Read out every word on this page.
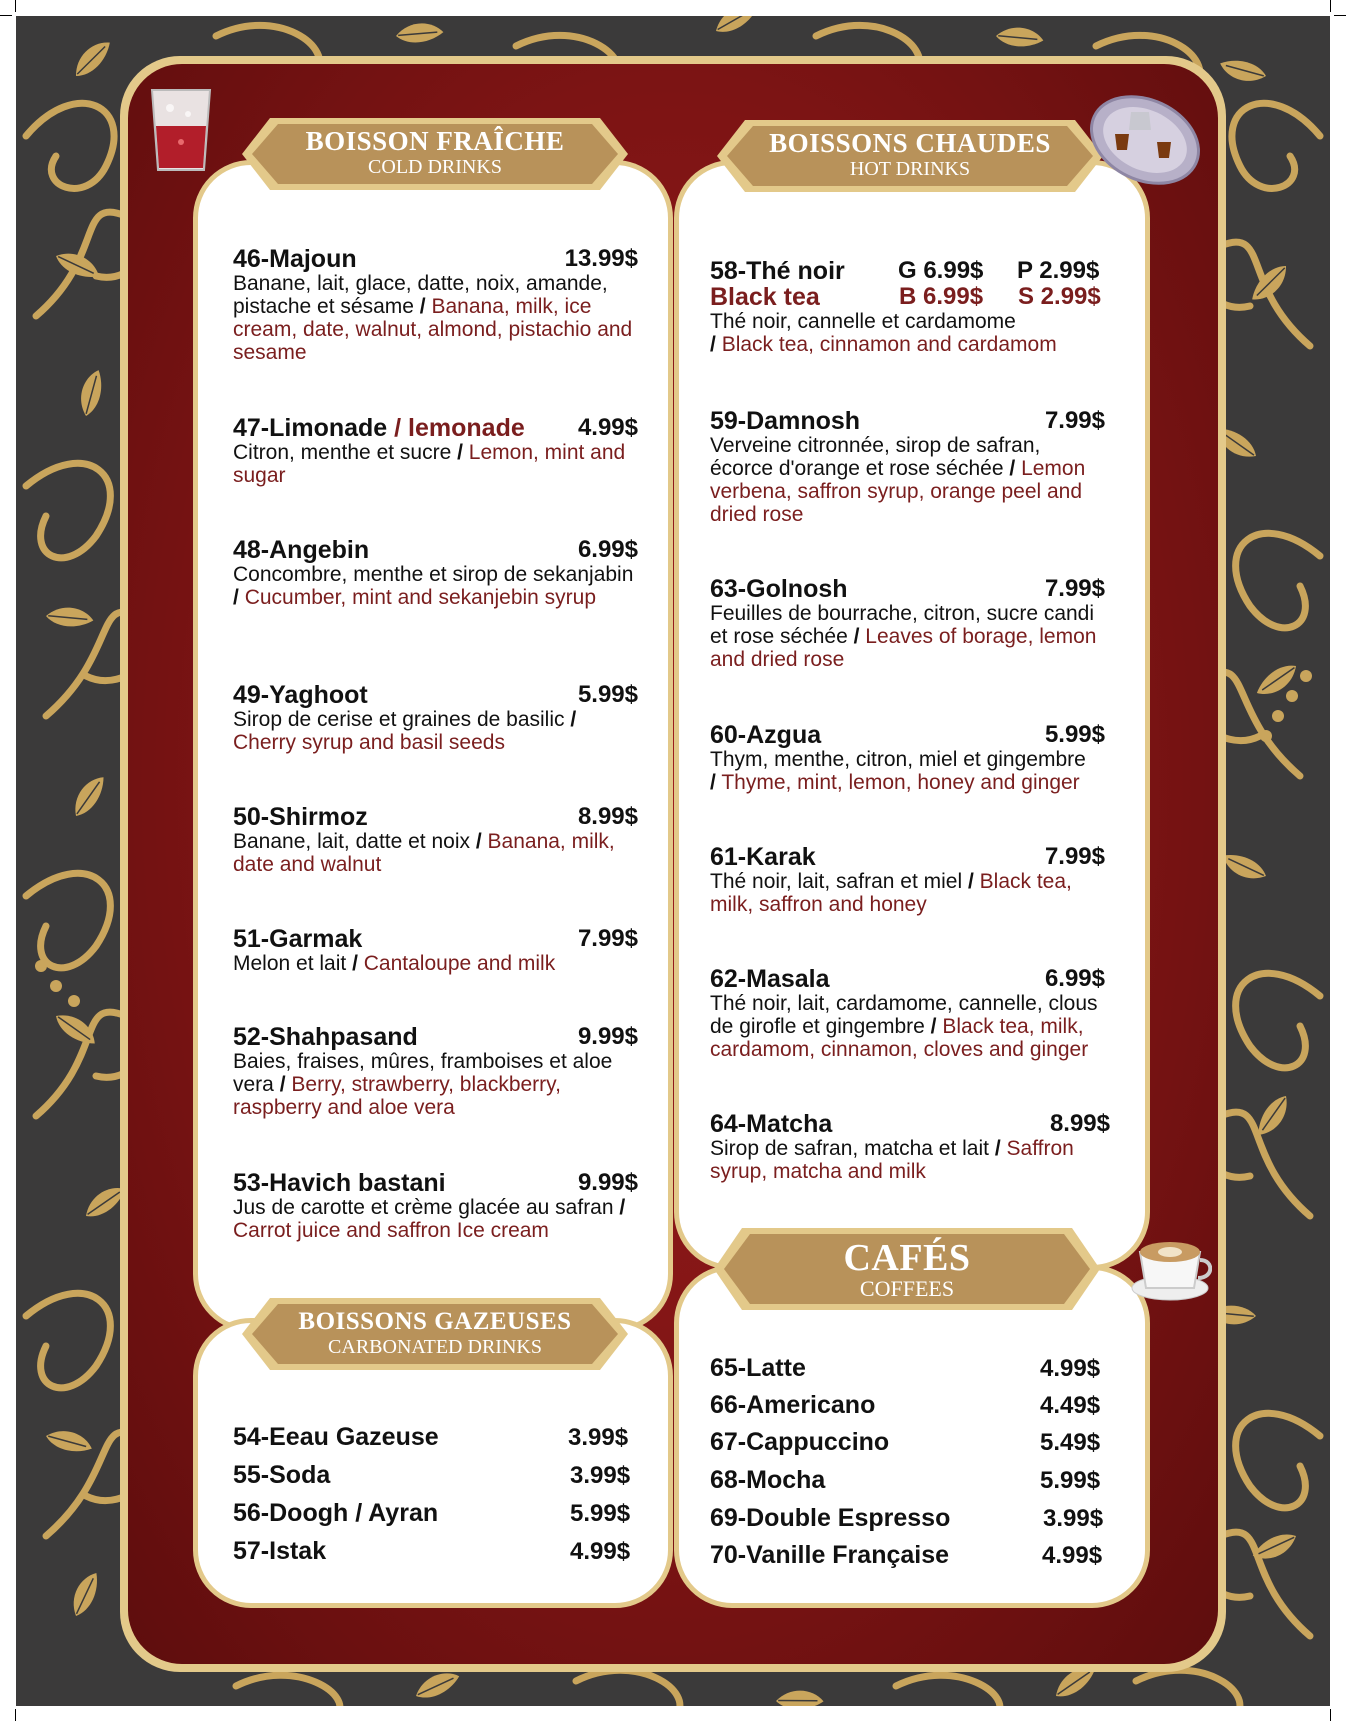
BOISSON FRAÎCHE
COLD DRINKS
BOISSONS CHAUDES
HOT DRINKS
BOISSONS GAZEUSES
CARBONATED DRINKS
CAFÉS
COFFEES
46-Majoun	13.99$
Banane, lait, glace, datte, noix, amande, pistache et sésame / Banana, milk, ice cream, date, walnut, almond, pistachio and sesame
47-Limonade / lemonade	4.99$
Citron, menthe et sucre / Lemon, mint and sugar
48-Angebin	6.99$
Concombre, menthe et sirop de sekanjabin / Cucumber, mint and sekanjebin syrup
49-Yaghoot	5.99$
Sirop de cerise et graines de basilic / Cherry syrup and basil seeds
50-Shirmoz	8.99$
Banane, lait, datte et noix / Banana, milk, date and walnut
51-Garmak	7.99$
Melon et lait / Cantaloupe and milk
52-Shahpasand	9.99$
Baies, fraises, mûres, framboises et aloe vera / Berry, strawberry, blackberry, raspberry and aloe vera
53-Havich bastani	9.99$
Jus de carotte et crème glacée au safran / Carrot juice and saffron Ice cream
58-Thé noir G 6.99$ P 2.99$
Black tea	B 6.99$ S 2.99$
Thé noir, cannelle et cardamome
/ Black tea, cinnamon and cardamom
59-Damnosh	7.99$
Verveine citronnée, sirop de safran, écorce d'orange et rose séchée / Lemon verbena, saffron syrup, orange peel and dried rose
63-Golnosh	7.99$
Feuilles de bourrache, citron, sucre candi et rose séchée / Leaves of borage, lemon and dried rose
60-Azgua	5.99$
Thym, menthe, citron, miel et gingembre
/ Thyme, mint, lemon, honey and ginger
61-Karak	7.99$
Thé noir, lait, safran et miel / Black tea, milk, saffron and honey
62-Masala	6.99$
Thé noir, lait, cardamome, cannelle, clous de girofle et gingembre / Black tea, milk, cardamom, cinnamon, cloves and ginger
64-Matcha	8.99$
Sirop de safran, matcha et lait / Saffron syrup, matcha and milk
54-Eeau Gazeuse	3.99$
55-Soda	3.99$
56-Doogh / Ayran	5.99$
57-Istak	4.99$
65-Latte	4.99$
66-Americano	4.49$
67-Cappuccino	5.49$
68-Mocha	5.99$
69-Double Espresso	3.99$
70-Vanille Française	4.99$
